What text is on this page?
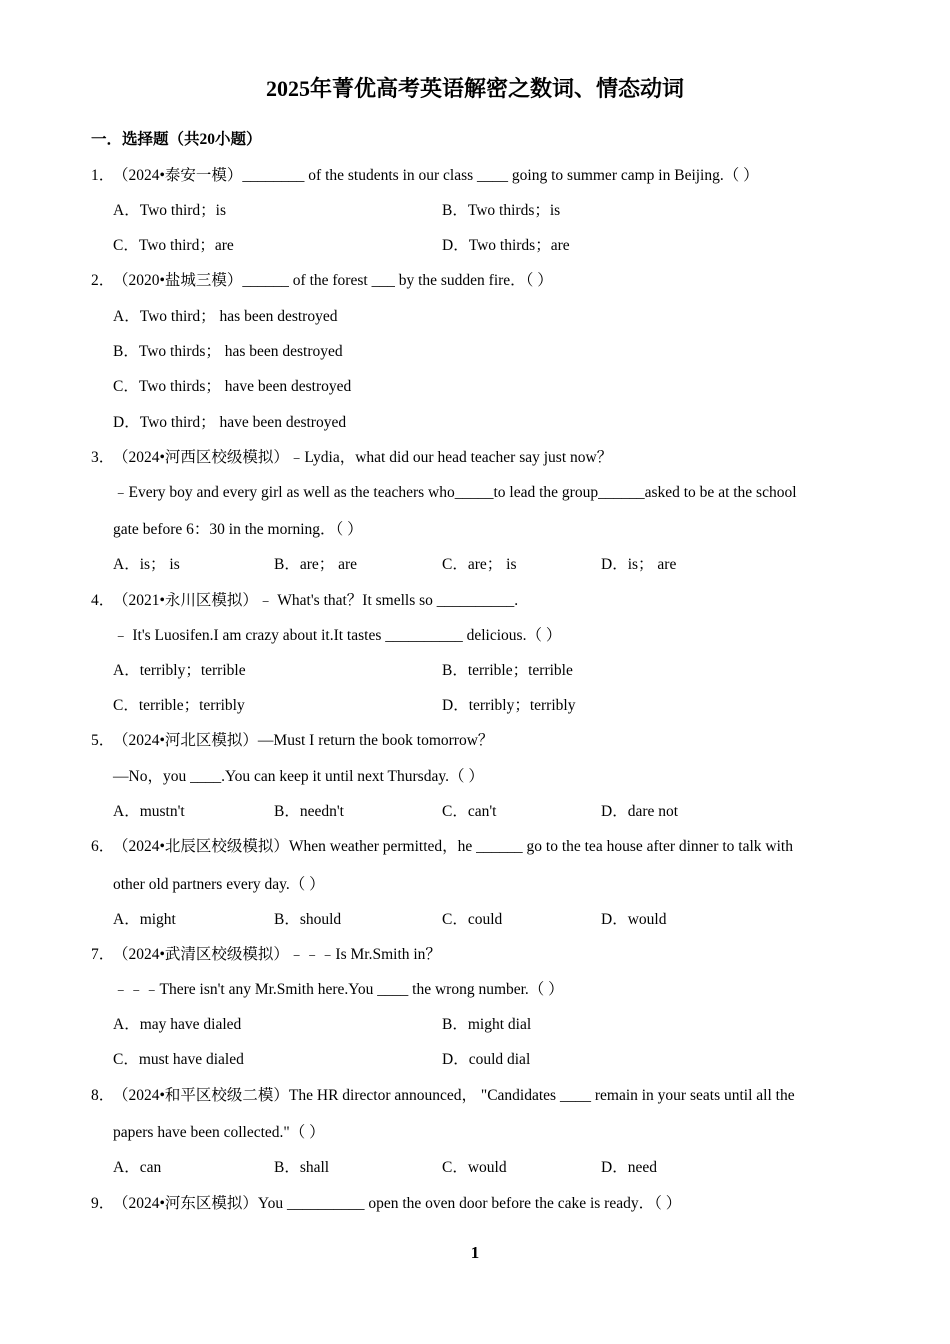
2025年菁优高考英语解密之数词、情态动词
一．选择题（共20小题）
1．（2024•泰安一模）________ of the students in our class ____ going to summer camp in Beijing.（ ）
A．Two third；is	B．Two thirds；is
C．Two third；are	D．Two thirds；are
2．（2020•盐城三模）______ of the forest ___ by the sudden fire．（ ）
A．Two third； has been destroyed
B．Two thirds； has been destroyed
C．Two thirds； have been destroyed
D．Two third； have been destroyed
3．（2024•河西区校级模拟）﹣Lydia，what did our head teacher say just now？
﹣Every boy and every girl as well as the teachers who_____to lead the group______asked to be at the school
gate before 6：30 in the morning．（ ）
A．is； is	B．are； are	C．are； is	D．is； are
4．（2021•永川区模拟）﹣ What's that？It smells so __________.
﹣ It's Luosifen.I am crazy about it.It tastes __________ delicious.（ ）
A．terribly；terrible	B．terrible；terrible
C．terrible；terribly	D．terribly；terribly
5．（2024•河北区模拟）—Must I return the book tomorrow？
—No，you ____.You can keep it until next Thursday.（ ）
A．mustn't	B．needn't	C．can't	D．dare not
6．（2024•北辰区校级模拟）When weather permitted，he ______ go to the tea house after dinner to talk with
other old partners every day.（ ）
A．might	B．should	C．could	D．would
7．（2024•武清区校级模拟）﹣﹣﹣Is Mr.Smith in？
﹣﹣﹣There isn't any Mr.Smith here.You ____ the wrong number.（ ）
A．may have dialed	B．might dial
C．must have dialed	D．could dial
8．（2024•和平区校级二模）The HR director announced， "Candidates ____ remain in your seats until all the
papers have been collected."（ ）
A．can	B．shall	C．would	D．need
9．（2024•河东区模拟）You __________ open the oven door before the cake is ready．（ ）
1
